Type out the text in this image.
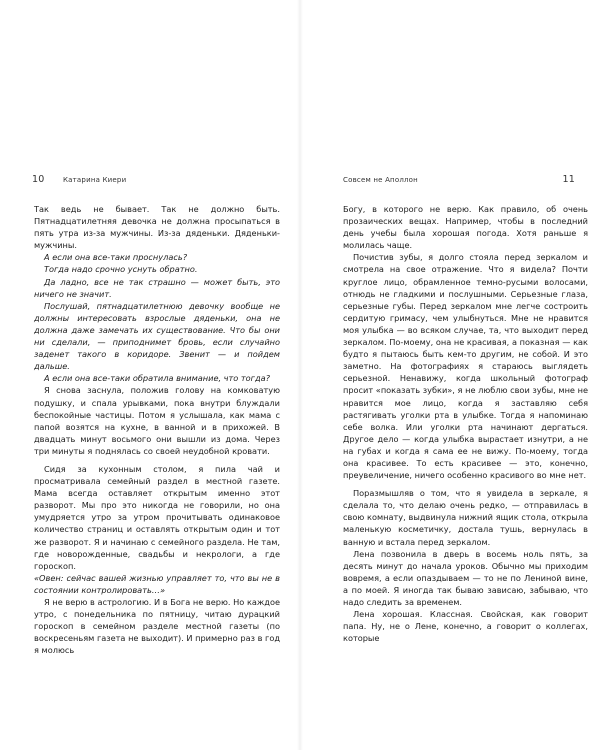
10	Катарина Киери

Так ведь не бывает. Так не должно быть. Пятнадцатилетняя девочка не должна просыпаться в пять утра из-за мужчины. Из-за дяденьки. Дяденьки-мужчины.

А если она все-таки проснулась?

Тогда надо срочно уснуть обратно.

Да ладно, все не так страшно — может быть, это ничего не значит.

Послушай, пятнадцатилетнюю девочку вообще не должны интересовать взрослые дяденьки, она не должна даже замечать их существование. Что бы они ни сделали, — приподнимет бровь, если случайно заденет такого в коридоре. Звенит — и пойдем дальше.

А если она все-таки обратила внимание, что тогда?

Я снова заснула, положив голову на комковатую подушку, и спала урывками, пока внутри блуждали беспокойные частицы. Потом я услышала, как мама с папой возятся на кухне, в ванной и в прихожей. В двадцать минут восьмого они вышли из дома. Через три минуты я поднялась со своей неудобной кровати.

Сидя за кухонным столом, я пила чай и просматривала семейный раздел в местной газете. Мама всегда оставляет открытым именно этот разворот. Мы про это никогда не говорили, но она умудряется утро за утром прочитывать одинаковое количество страниц и оставлять открытым один и тот же разворот. Я и начинаю с семейного раздела. Не там, где новорожденные, свадьбы и некрологи, а где гороскоп.

«Овен: сейчас вашей жизнью управляет то, что вы не в состоянии контролировать…»

Я не верю в астрологию. И в Бога не верю. Но каждое утро, с понедельника по пятницу, читаю дурацкий гороскоп в семейном разделе местной газеты (по воскресеньям газета не выходит). И примерно раз в год я молюсь

Совсем не Аполлон	11

Богу, в которого не верю. Как правило, об очень прозаических вещах. Например, чтобы в последний день учебы была хорошая погода. Хотя раньше я молилась чаще.

Почистив зубы, я долго стояла перед зеркалом и смотрела на свое отражение. Что я видела? Почти круглое лицо, обрамленное темно-русыми волосами, отнюдь не гладкими и послушными. Серьезные глаза, серьезные губы. Перед зеркалом мне легче состроить сердитую гримасу, чем улыбнуться. Мне не нравится моя улыбка — во всяком случае, та, что выходит перед зеркалом. По-моему, она не красивая, а показная — как будто я пытаюсь быть кем-то другим, не собой. И это заметно. На фотографиях я стараюсь выглядеть серьезной. Ненавижу, когда школьный фотограф просит «показать зубки», я не люблю свои зубы, мне не нравится мое лицо, когда я заставляю себя растягивать уголки рта в улыбке. Тогда я напоминаю себе волка. Или уголки рта начинают дергаться. Другое дело — когда улыбка вырастает изнутри, а не на губах и когда я сама ее не вижу. По-моему, тогда она красивее. То есть красивее — это, конечно, преувеличение, ничего особенно красивого во мне нет.

Поразмышляв о том, что я увидела в зеркале, я сделала то, что делаю очень редко, — отправилась в свою комнату, выдвинула нижний ящик стола, открыла маленькую косметичку, достала тушь, вернулась в ванную и встала перед зеркалом.

Лена позвонила в дверь в восемь ноль пять, за десять минут до начала уроков. Обычно мы приходим вовремя, а если опаздываем — то не по Лениной вине, а по моей. Я иногда так бываю зависаю, забываю, что надо следить за временем.

Лена хорошая. Классная. Свойская, как говорит папа. Ну, не о Лене, конечно, а говорит о коллегах, которые
